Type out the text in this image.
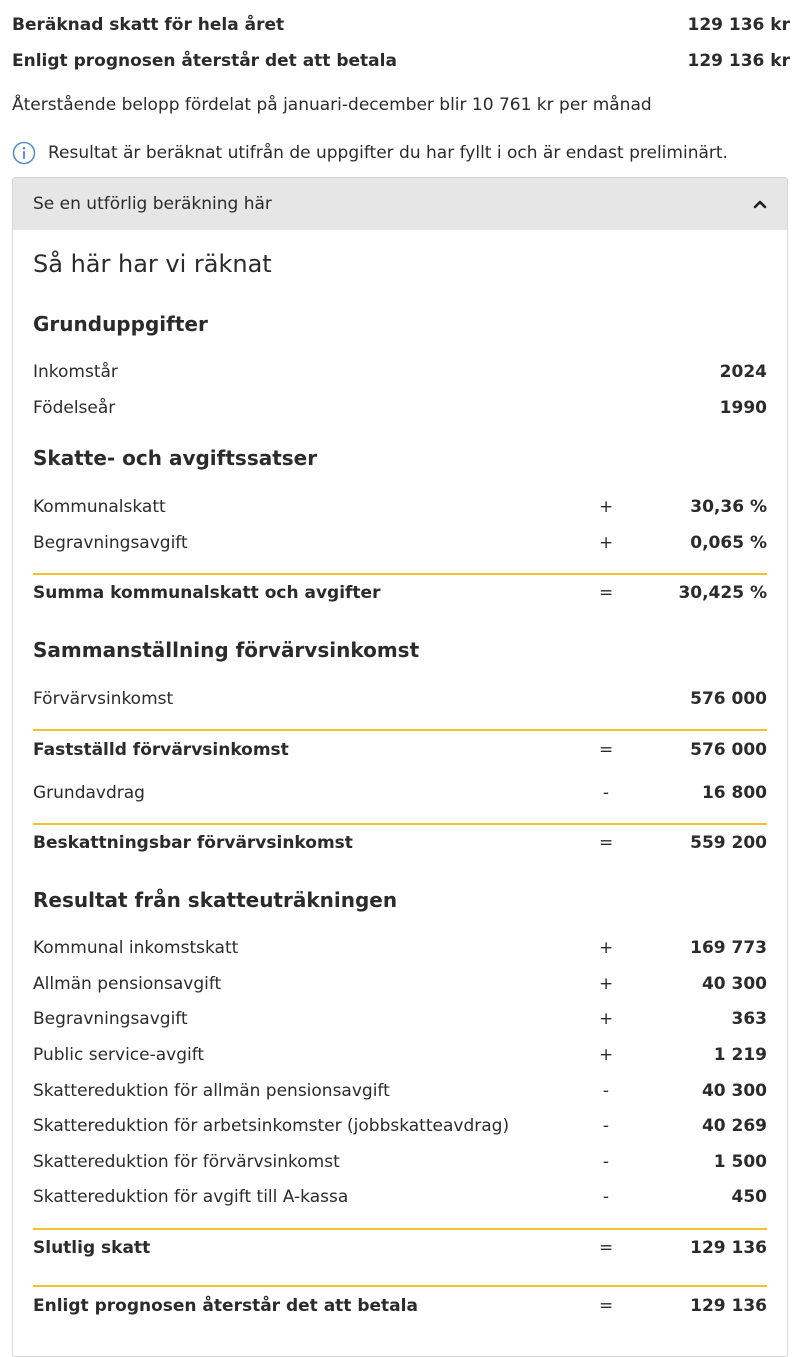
Beräknad skatt för hela året	129 136 kr
Enligt prognosen återstår det att betala	129 136 kr
Återstående belopp fördelat på januari-december blir 10 761 kr per månad
Resultat är beräknat utifrån de uppgifter du har fyllt i och är endast preliminärt.
Se en utförlig beräkning här
Så här har vi räknat
Grunduppgifter
Inkomstår	2024
Födelseår	1990
Skatte- och avgiftssatser
Kommunalskatt	+	30,36 %
Begravningsavgift	+	0,065 %
Summa kommunalskatt och avgifter	=	30,425 %
Sammanställning förvärvsinkomst
Förvärvsinkomst	576 000
Fastställd förvärvsinkomst	=	576 000
Grundavdrag	-	16 800
Beskattningsbar förvärvsinkomst	=	559 200
Resultat från skatteuträkningen
Kommunal inkomstskatt	+	169 773
Allmän pensionsavgift	+	40 300
Begravningsavgift	+	363
Public service-avgift	+	1 219
Skattereduktion för allmän pensionsavgift	-	40 300
Skattereduktion för arbetsinkomster (jobbskatteavdrag)	-	40 269
Skattereduktion för förvärvsinkomst	-	1 500
Skattereduktion för avgift till A-kassa	-	450
Slutlig skatt	=	129 136
Enligt prognosen återstår det att betala	=	129 136
